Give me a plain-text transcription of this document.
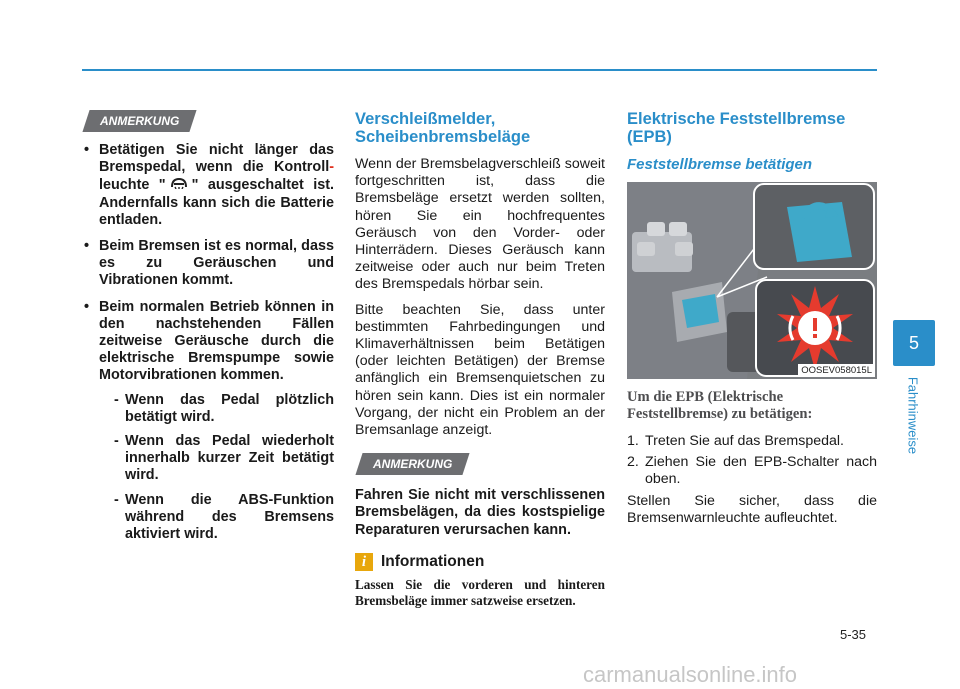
ANMERKUNG
• Betätigen Sie nicht länger das Bremspedal, wenn die Kontroll- leuchte " " ausgeschaltet ist. Andernfalls kann sich die Batterie entladen.
• Beim Bremsen ist es normal, dass es zu Geräuschen und Vibrationen kommt.
• Beim normalen Betrieb können in den nachstehenden Fällen zeitweise Geräusche durch die elektrische Bremspumpe sowie Motorvibrationen kommen.
- Wenn das Pedal plötzlich betätigt wird.
- Wenn das Pedal wiederholt innerhalb kurzer Zeit betätigt wird.
- Wenn die ABS-Funktion während des Bremsens aktiviert wird.
Verschleißmelder, Scheibenbremsbeläge

Wenn der Bremsbelagverschleiß soweit fortgeschritten ist, dass die Bremsbeläge ersetzt werden sollten, hören Sie ein hochfrequentes Geräusch von den Vorder- oder Hinterrädern. Dieses Geräusch kann zeitweise oder auch nur beim Treten des Bremspedals hörbar sein.

Bitte beachten Sie, dass unter bestimmten Fahrbedingungen und Klimaverhältnissen beim Betätigen (oder leichten Betätigen) der Bremse anfänglich ein Bremsenquietschen zu hören sein kann. Dies ist ein normaler Vorgang, der nicht ein Problem an der Bremsanlage anzeigt.

ANMERKUNG
Fahren Sie nicht mit verschlissenen Bremsbelägen, da dies kostspielige Reparaturen verursachen kann.
i Informationen
Lassen Sie die vorderen und hinteren Bremsbeläge immer satzweise ersetzen.
Elektrische Feststellbremse (EPB)
Feststellbremse betätigen
OOSEV058015L
Um die EPB (Elektrische Feststellbremse) zu betätigen:
1. Treten Sie auf das Bremspedal.
2. Ziehen Sie den EPB-Schalter nach oben.

Stellen Sie sicher, dass die Bremsenwarnleuchte aufleuchtet.

5
Fahrhinweise
5-35
carmanualsonline.info
